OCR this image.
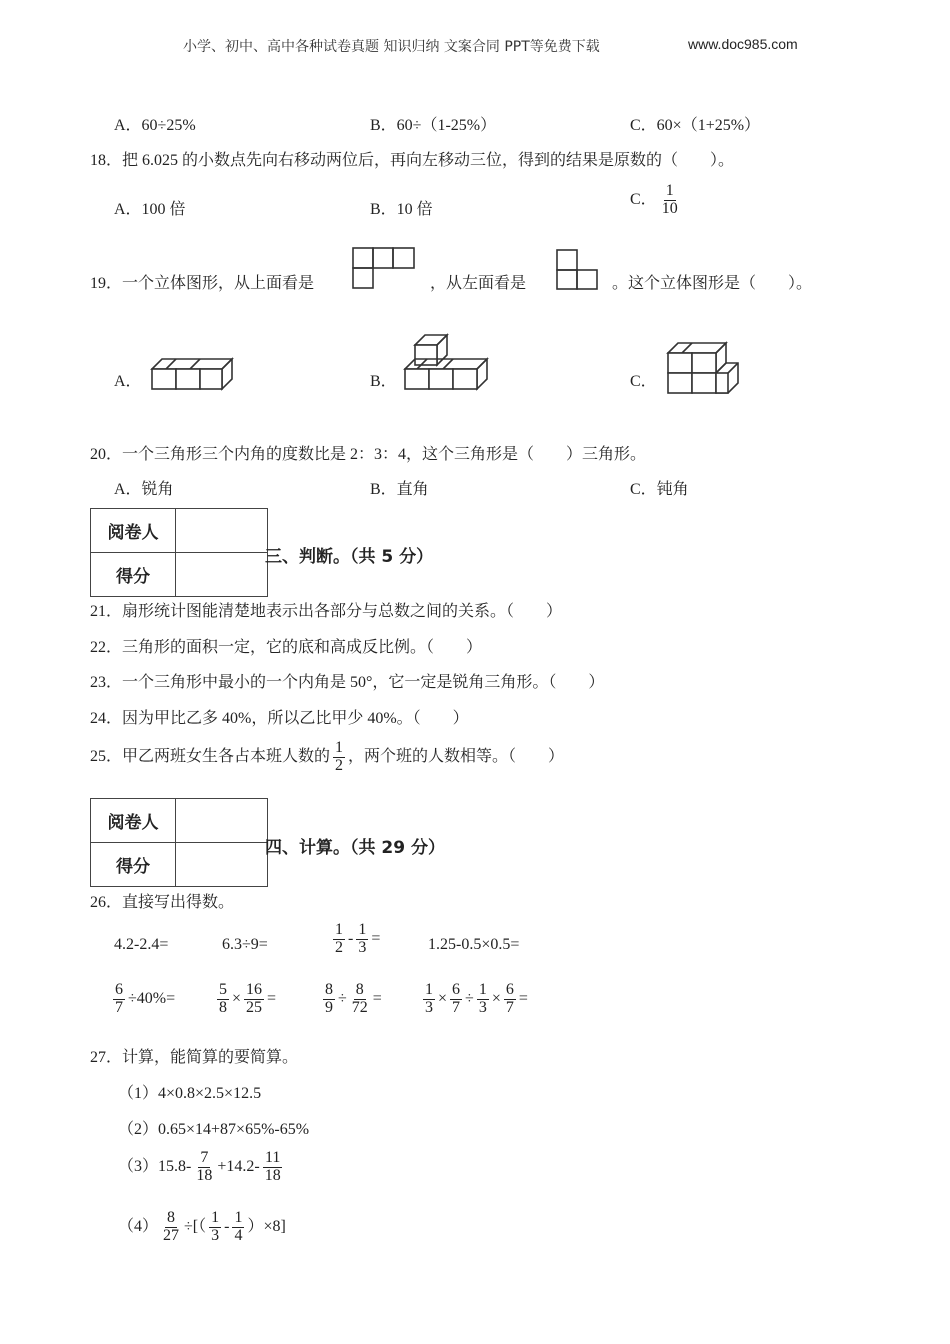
小学、初中、高中各种试卷真题 知识归纳 文案合同 PPT等免费下载	www.doc985.com
A．60÷25%	B．60÷（1-25%）	C．60×（1+25%）
18．把 6.025 的小数点先向右移动两位后，再向左移动三位，得到的结果是原数的（　　）。
A．100 倍	B．10 倍
C． $\frac{1}{10}$
19．一个立体图形，从上面看是	，从左面看是	。这个立体图形是（　　）。
A．	B．	C．
20．一个三角形三个内角的度数比是 2：3：4，这个三角形是（　　）三角形。
A．锐角	B．直角	C．钝角
阅卷人	
得分	
三、判断。（共 5 分）
21．扇形统计图能清楚地表示出各部分与总数之间的关系。（　　）
22．三角形的面积一定，它的底和高成反比例。（　　）
23．一个三角形中最小的一个内角是 50°，它一定是锐角三角形。（　　）
24．因为甲比乙多 40%，所以乙比甲少 40%。（　　）
25．甲乙两班女生各占本班人数的 $\frac{1}{2}$ ，两个班的人数相等。（　　）
阅卷人	
得分	
四、计算。（共 29 分）
26．直接写出得数。
4.2-2.4=	6.3÷9=	$\frac{1}{2} - \frac{1}{3}$ =	1.25-0.5×0.5=
$\frac{6}{7} \div 40\%=$	$\frac{5}{8} \times \frac{16}{25}$ =	$\frac{8}{9} \div \frac{8}{72}$ =	$\frac{1}{3} \times \frac{6}{7} \div \frac{1}{3} \times \frac{6}{7}$ =
27．计算，能简算的要简算。
（1）4×0.8×2.5×12.5
（2）0.65×14+87×65%-65%
$(3)15.8- \frac{7}{18} +14.2- \frac{11}{18}$
$(4) \frac{8}{27}$ ÷[（ $\frac{1}{3} - \frac{1}{4} )\times 8$]
